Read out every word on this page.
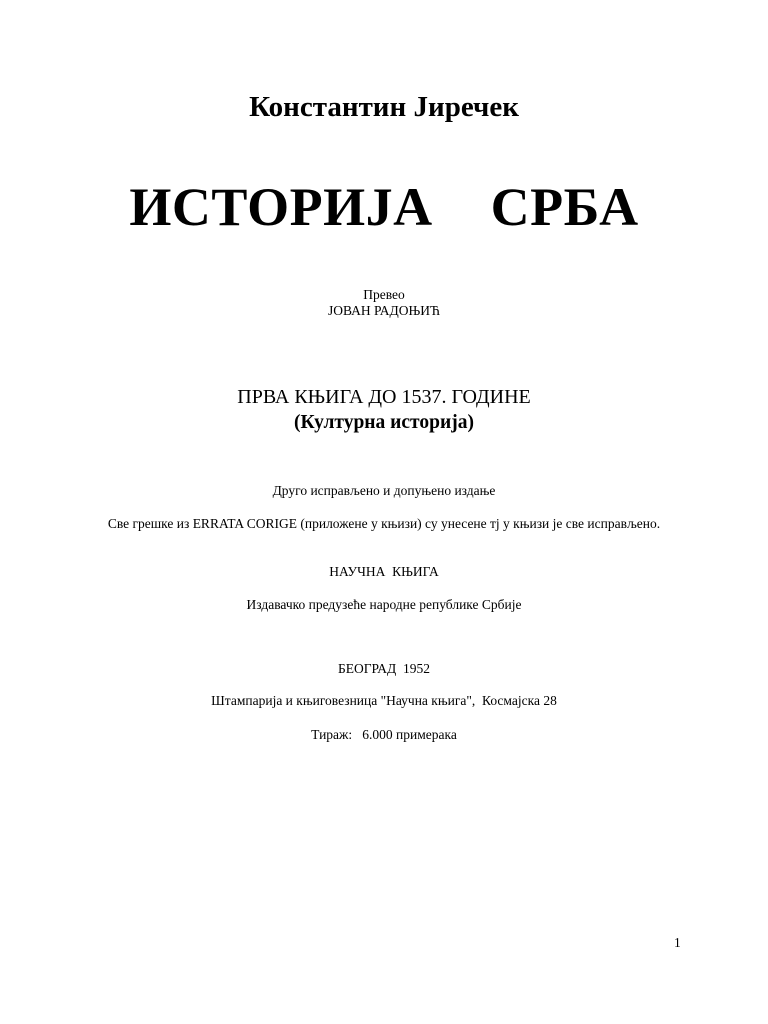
Константин Јиречек
ИСТОРИЈА СРБА
Превео
ЈОВАН РАДОЊИЋ
ПРВА КЊИГА ДО 1537. ГОДИНЕ
(Културна историја)
Друго исправљено и допуњено издање
Све грешке из ERRATA CORIGE (приложене у књизи) су унесене тј у књизи је све исправљено.
НАУЧНА  КЊИГА
Издавачко предузеће народне републике Србије
БЕОГРАД  1952
Штампарија и књиговезница "Научна књига",  Космајска 28
Тираж:   6.000 примерака
1
